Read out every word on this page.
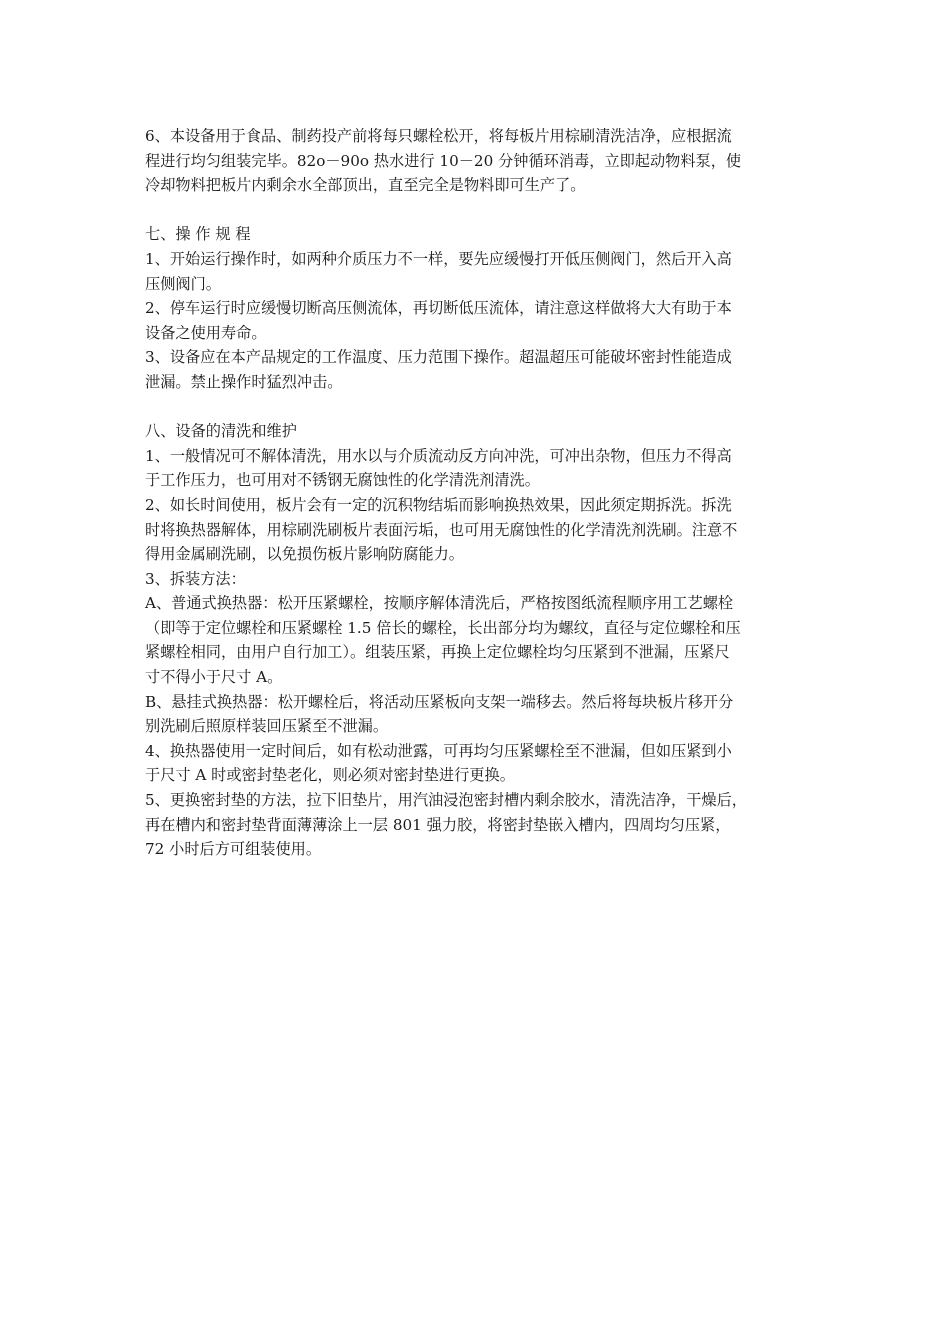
6、本设备用于食品、制药投产前将每只螺栓松开，将每板片用棕刷清洗洁净，应根据流
程进行均匀组装完毕。82o－90o 热水进行 10－20 分钟循环消毒，立即起动物料泵，使
冷却物料把板片内剩余水全部顶出，直至完全是物料即可生产了。
七、操 作 规 程
1、开始运行操作时，如两种介质压力不一样，要先应缓慢打开低压侧阀门，然后开入高
压侧阀门。
2、停车运行时应缓慢切断高压侧流体，再切断低压流体，请注意这样做将大大有助于本
设备之使用寿命。
3、设备应在本产品规定的工作温度、压力范围下操作。超温超压可能破坏密封性能造成
泄漏。禁止操作时猛烈冲击。
八、设备的清洗和维护
1、一般情况可不解体清洗，用水以与介质流动反方向冲洗，可冲出杂物，但压力不得高
于工作压力，也可用对不锈钢无腐蚀性的化学清洗剂清洗。
2、如长时间使用，板片会有一定的沉积物结垢而影响换热效果，因此须定期拆洗。拆洗
时将换热器解体，用棕刷洗刷板片表面污垢，也可用无腐蚀性的化学清洗剂洗刷。注意不
得用金属刷洗刷，以免损伤板片影响防腐能力。
3、拆装方法：
A、普通式换热器：松开压紧螺栓，按顺序解体清洗后，严格按图纸流程顺序用工艺螺栓
（即等于定位螺栓和压紧螺栓 1.5 倍长的螺栓，长出部分均为螺纹，直径与定位螺栓和压
紧螺栓相同，由用户自行加工）。组装压紧，再换上定位螺栓均匀压紧到不泄漏，压紧尺
寸不得小于尺寸 A。
B、悬挂式换热器：松开螺栓后，将活动压紧板向支架一端移去。然后将每块板片移开分
别洗刷后照原样装回压紧至不泄漏。
4、换热器使用一定时间后，如有松动泄露，可再均匀压紧螺栓至不泄漏，但如压紧到小
于尺寸 A 时或密封垫老化，则必须对密封垫进行更换。
5、更换密封垫的方法，拉下旧垫片，用汽油浸泡密封槽内剩余胶水，清洗洁净，干燥后，
再在槽内和密封垫背面薄薄涂上一层 801 强力胶，将密封垫嵌入槽内，四周均匀压紧，
72 小时后方可组装使用。
